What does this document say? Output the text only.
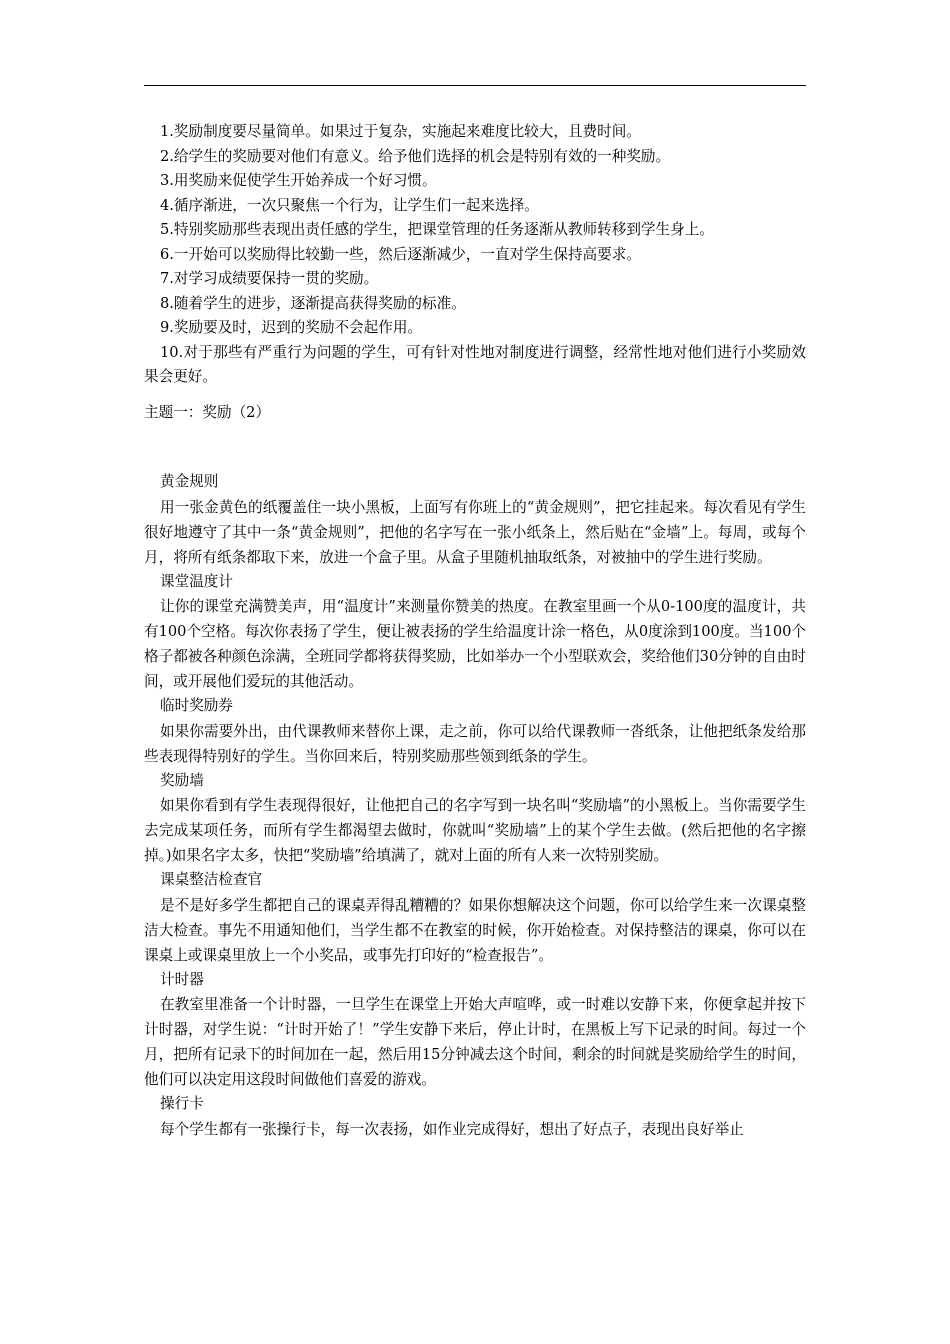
1.奖励制度要尽量简单。如果过于复杂，实施起来难度比较大，且费时间。

2.给学生的奖励要对他们有意义。给予他们选择的机会是特别有效的一种奖励。

3.用奖励来促使学生开始养成一个好习惯。

4.循序渐进，一次只聚焦一个行为，让学生们一起来选择。

5.特别奖励那些表现出责任感的学生，把课堂管理的任务逐渐从教师转移到学生身上。

6.一开始可以奖励得比较勤一些，然后逐渐减少，一直对学生保持高要求。

7.对学习成绩要保持一贯的奖励。

8.随着学生的进步，逐渐提高获得奖励的标准。

9.奖励要及时，迟到的奖励不会起作用。

10.对于那些有严重行为问题的学生，可有针对性地对制度进行调整，经常性地对他们进行小奖励效果会更好。

主题一：奖励（2）

黄金规则

用一张金黄色的纸覆盖住一块小黑板，上面写有你班上的“黄金规则”，把它挂起来。每次看见有学生很好地遵守了其中一条“黄金规则”，把他的名字写在一张小纸条上，然后贴在“金墙”上。每周，或每个月，将所有纸条都取下来，放进一个盒子里。从盒子里随机抽取纸条，对被抽中的学生进行奖励。

课堂温度计

让你的课堂充满赞美声，用“温度计”来测量你赞美的热度。在教室里画一个从0-100度的温度计，共有100个空格。每次你表扬了学生，便让被表扬的学生给温度计涂一格色，从0度涂到100度。当100个格子都被各种颜色涂满，全班同学都将获得奖励，比如举办一个小型联欢会，奖给他们30分钟的自由时间，或开展他们爱玩的其他活动。

临时奖励券

如果你需要外出，由代课教师来替你上课，走之前，你可以给代课教师一沓纸条，让他把纸条发给那些表现得特别好的学生。当你回来后，特别奖励那些领到纸条的学生。

奖励墙

如果你看到有学生表现得很好，让他把自己的名字写到一块名叫“奖励墙”的小黑板上。当你需要学生去完成某项任务，而所有学生都渴望去做时，你就叫“奖励墙”上的某个学生去做。(然后把他的名字擦掉。)如果名字太多，快把“奖励墙”给填满了，就对上面的所有人来一次特别奖励。

课桌整洁检查官

是不是好多学生都把自己的课桌弄得乱糟糟的？如果你想解决这个问题，你可以给学生来一次课桌整洁大检查。事先不用通知他们，当学生都不在教室的时候，你开始检查。对保持整洁的课桌，你可以在课桌上或课桌里放上一个小奖品，或事先打印好的“检查报告”。

计时器

在教室里准备一个计时器，一旦学生在课堂上开始大声喧哗，或一时难以安静下来，你便拿起并按下计时器，对学生说：“计时开始了！”学生安静下来后，停止计时，在黑板上写下记录的时间。每过一个月，把所有记录下的时间加在一起，然后用15分钟减去这个时间，剩余的时间就是奖励给学生的时间，他们可以决定用这段时间做他们喜爱的游戏。

操行卡

每个学生都有一张操行卡，每一次表扬，如作业完成得好，想出了好点子，表现出良好举止
